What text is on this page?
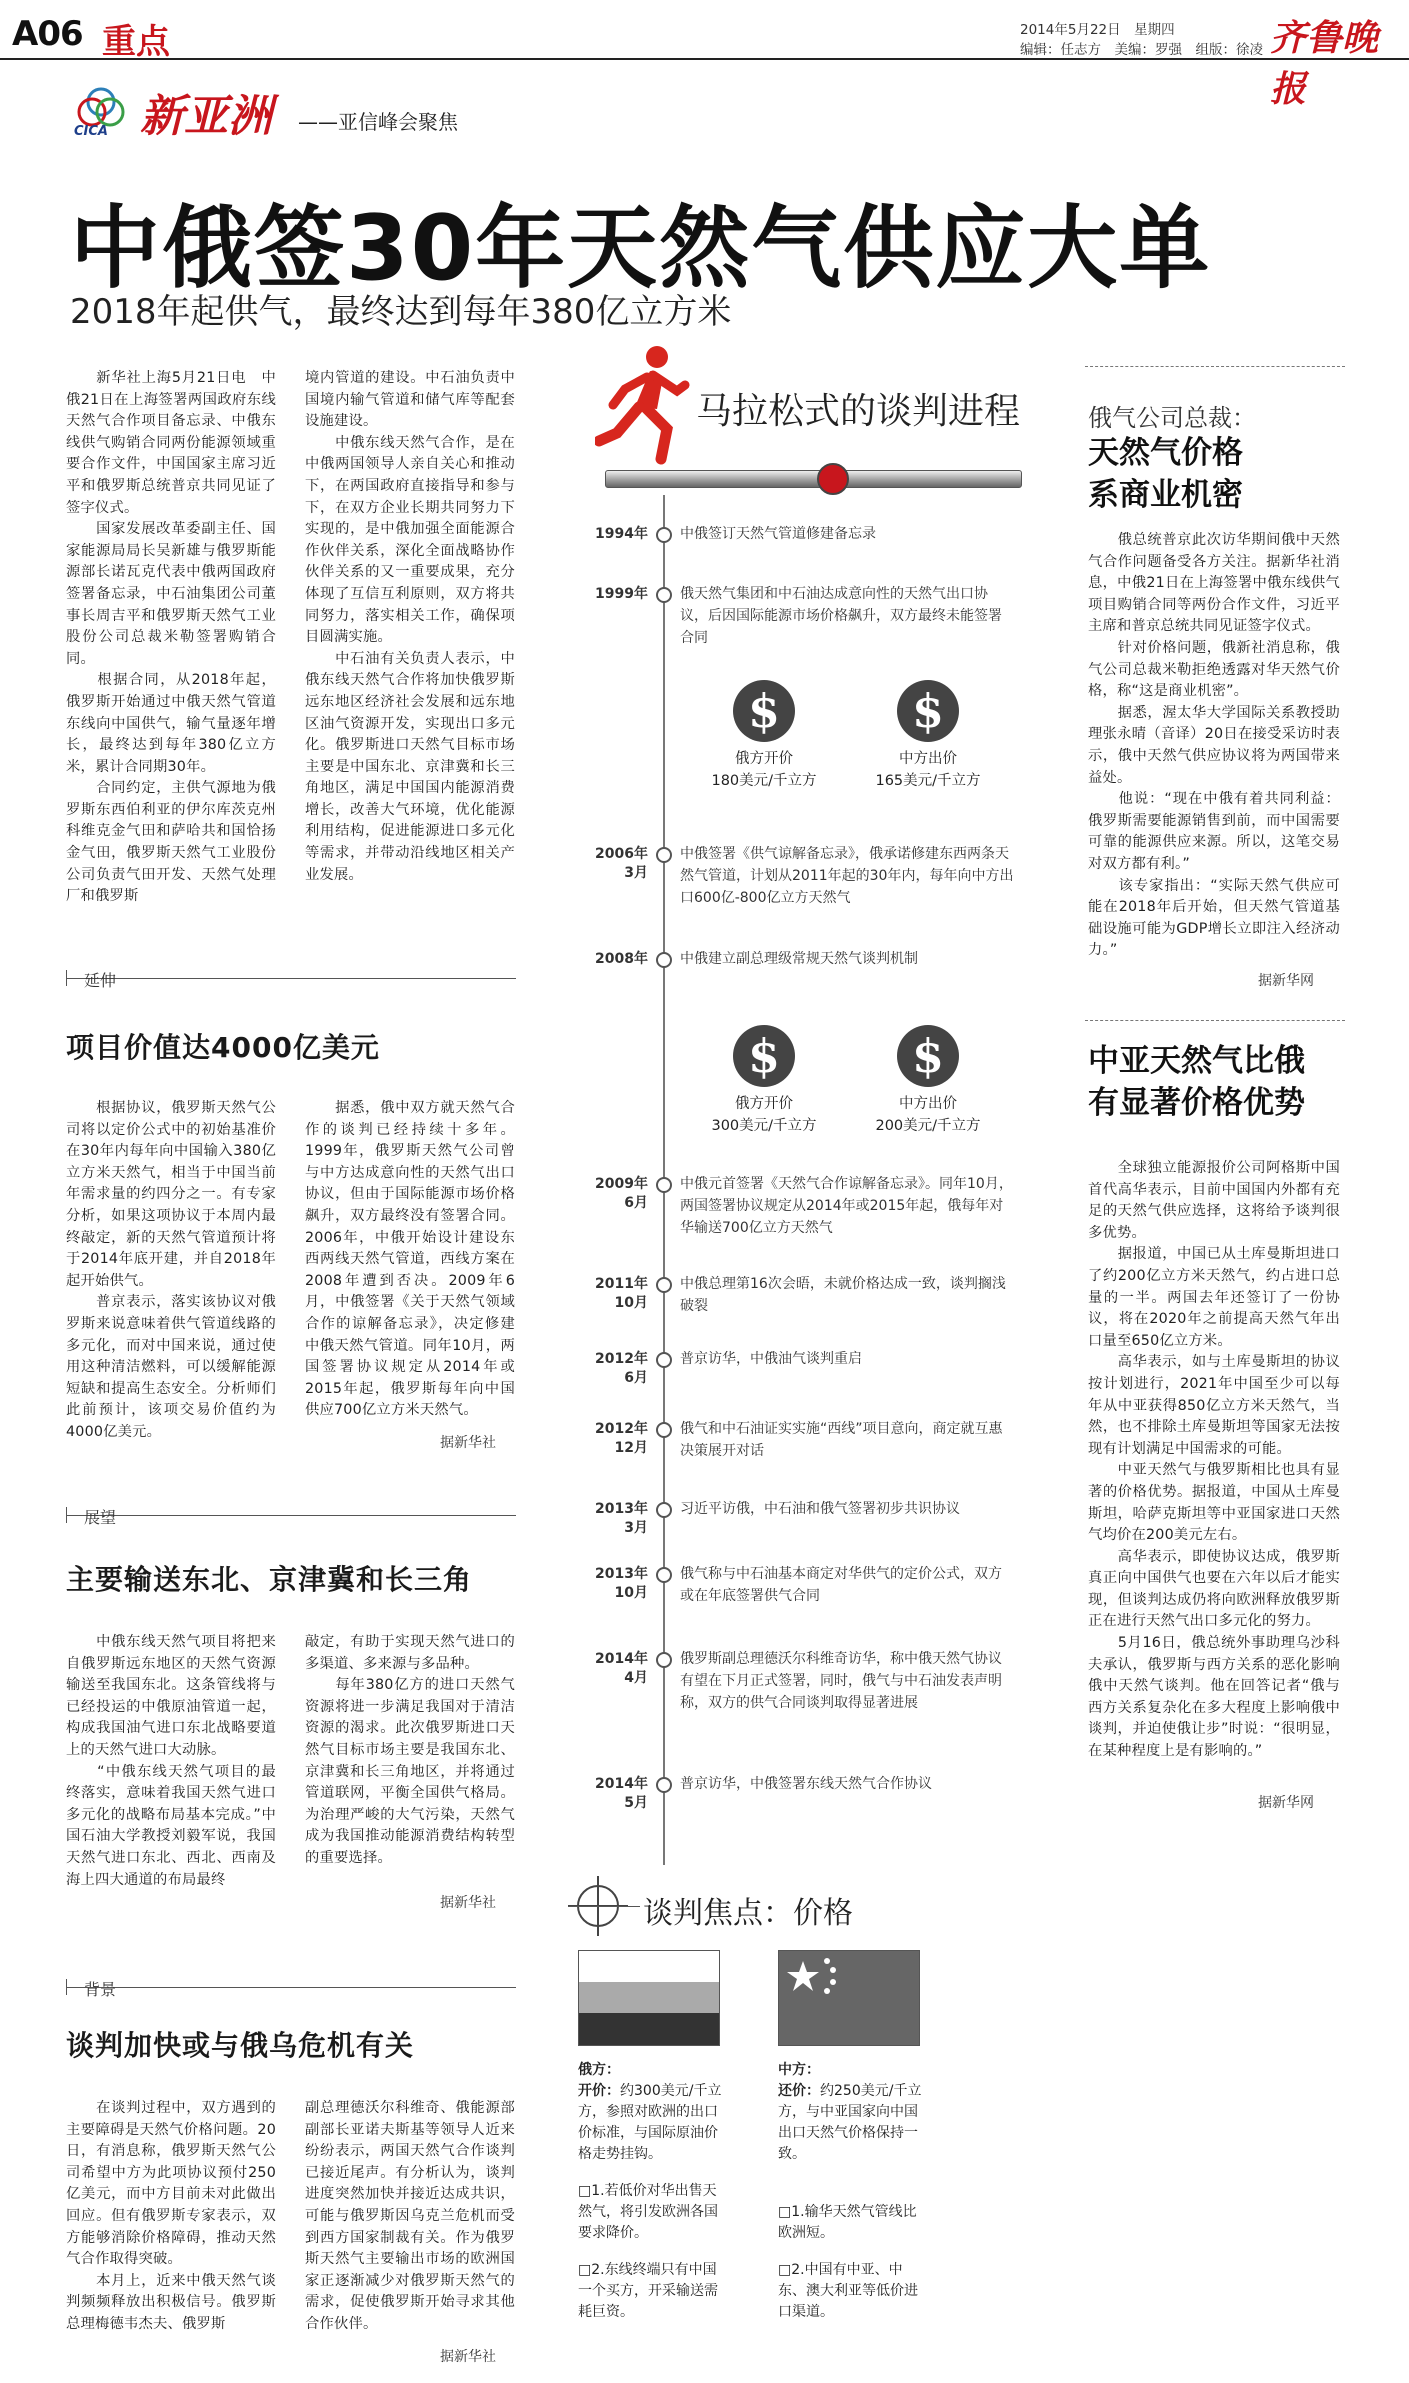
A06 重点	2014年5月22日　 星期四
编辑：任志方　美编：罗强　组版：徐凌 齐鲁晚报
CICA 新亚洲 ——亚信峰会聚焦
中俄签30年天然气供应大单
2018年起供气，最终达到每年380亿立方米

　　新华社上海5月21日电　中俄21日在上海签署两国政府东线天然气合作项目备忘录、中俄东线供气购销合同两份能源领域重要合作文件，中国国家主席习近平和俄罗斯总统普京共同见证了签字仪式。
　　国家发展改革委副主任、国家能源局局长吴新雄与俄罗斯能源部长诺瓦克代表中俄两国政府签署备忘录，中石油集团公司董事长周吉平和俄罗斯天然气工业股份公司总裁米勒签署购销合同。
　　根据合同，从2018年起，俄罗斯开始通过中俄天然气管道东线向中国供气，输气量逐年增长，最终达到每年380亿立方米，累计合同期30年。
　　合同约定，主供气源地为俄罗斯东西伯利亚的伊尔库茨克州科维克金气田和萨哈共和国恰扬金气田，俄罗斯天然气工业股份公司负责气田开发、天然气处理厂和俄罗斯

境内管道的建设。中石油负责中国境内输气管道和储气库等配套设施建设。
　　中俄东线天然气合作，是在中俄两国领导人亲自关心和推动下，在两国政府直接指导和参与下，在双方企业长期共同努力下实现的，是中俄加强全面能源合作伙伴关系，深化全面战略协作伙伴关系的又一重要成果，充分体现了互信互利原则，双方将共同努力，落实相关工作，确保项目圆满实施。
　　中石油有关负责人表示，中俄东线天然气合作将加快俄罗斯远东地区经济社会发展和远东地区油气资源开发，实现出口多元化。俄罗斯进口天然气目标市场主要是中国东北、京津冀和长三角地区，满足中国国内能源消费增长，改善大气环境，优化能源利用结构，促进能源进口多元化等需求，并带动沿线地区相关产业发展。

延伸
项目价值达4000亿美元

　　根据协议，俄罗斯天然气公司将以定价公式中的初始基准价在30年内每年向中国输入380亿立方米天然气，相当于中国当前年需求量的约四分之一。有专家分析，如果这项协议于本周内最终敲定，新的天然气管道预计将于2014年底开建，并自2018年起开始供气。
　　普京表示，落实该协议对俄罗斯来说意味着供气管道线路的多元化，而对中国来说，通过使用这种清洁燃料，可以缓解能源短缺和提高生态安全。分析师们此前预计，该项交易价值约为4000亿美元。

　　据悉，俄中双方就天然气合作的谈判已经持续十多年。1999年，俄罗斯天然气公司曾与中方达成意向性的天然气出口协议，但由于国际能源市场价格飙升，双方最终没有签署合同。2006年，中俄开始设计建设东西两线天然气管道，西线方案在2008年遭到否决。2009年6月，中俄签署《关于天然气领域合作的谅解备忘录》，决定修建中俄天然气管道。同年10月，两国签署协议规定从2014年或2015年起，俄罗斯每年向中国供应700亿立方米天然气。

据新华社
展望
主要输送东北、京津冀和长三角

　　中俄东线天然气项目将把来自俄罗斯远东地区的天然气资源输送至我国东北。这条管线将与已经投运的中俄原油管道一起，构成我国油气进口东北战略要道上的天然气进口大动脉。
　　“中俄东线天然气项目的最终落实，意味着我国天然气进口多元化的战略布局基本完成。”中国石油大学教授刘毅军说，我国天然气进口东北、西北、西南及海上四大通道的布局最终

敲定，有助于实现天然气进口的多渠道、多来源与多品种。
　　每年380亿方的进口天然气资源将进一步满足我国对于清洁资源的渴求。此次俄罗斯进口天然气目标市场主要是我国东北、京津冀和长三角地区，并将通过管道联网，平衡全国供气格局。为治理严峻的大气污染，天然气成为我国推动能源消费结构转型的重要选择。

据新华社
背景
谈判加快或与俄乌危机有关

　　在谈判过程中，双方遇到的主要障碍是天然气价格问题。20日，有消息称，俄罗斯天然气公司希望中方为此项协议预付250亿美元，而中方目前未对此做出回应。但有俄罗斯专家表示，双方能够消除价格障碍，推动天然气合作取得突破。
　　本月上，近来中俄天然气谈判频频释放出积极信号。俄罗斯总理梅德韦杰夫、俄罗斯

副总理德沃尔科维奇、俄能源部副部长亚诺夫斯基等领导人近来纷纷表示，两国天然气合作谈判已接近尾声。有分析认为，谈判进度突然加快并接近达成共识，可能与俄罗斯因乌克兰危机而受到西方国家制裁有关。作为俄罗斯天然气主要输出市场的欧洲国家正逐渐减少对俄罗斯天然气的需求，促使俄罗斯开始寻求其他合作伙伴。

据新华社
马拉松式的谈判进程
1994年 中俄签订天然气管道修建备忘录
1999年 俄天然气集团和中石油达成意向性的天然气出口协议，后因国际能源市场价格飙升，双方最终未能签署合同
2006年
3月
中俄签署《供气谅解备忘录》，俄承诺修建东西两条天然气管道，计划从2011年起的30年内，每年向中方出口600亿-800亿立方天然气
2008年 中俄建立副总理级常规天然气谈判机制
2009年
6月
中俄元首签署《天然气合作谅解备忘录》。同年10月，两国签署协议规定从2014年或2015年起，俄每年对华输送700亿立方天然气
2011年
10月
中俄总理第16次会晤，未就价格达成一致，谈判搁浅破裂
2012年
6月
普京访华，中俄油气谈判重启
2012年
12月
俄气和中石油证实实施“西线”项目意向，商定就互惠决策展开对话
2013年
3月
习近平访俄，中石油和俄气签署初步共识协议
2013年
10月
俄气称与中石油基本商定对华供气的定价公式，双方或在年底签署供气合同
2014年
4月
俄罗斯副总理德沃尔科维奇访华，称中俄天然气协议有望在下月正式签署，同时，俄气与中石油发表声明称，双方的供气合同谈判取得显著进展
2014年
5月
普京访华，中俄签署东线天然气合作协议
$
俄方开价
180美元/千立方
$
中方出价
165美元/千立方
$
俄方开价
300美元/千立方
$
中方出价
200美元/千立方
谈判焦点：价格
俄方：
开价：约300美元/千立方，参照对欧洲的出口价标准，与国际原油价格走势挂钩。
□1.若低价对华出售天然气，将引发欧洲各国要求降价。
□2.东线终端只有中国一个买方，开采输送需耗巨资。
中方：
还价：约250美元/千立方，与中亚国家向中国出口天然气价格保持一致。
□1.输华天然气管线比欧洲短。
□2.中国有中亚、中东、澳大利亚等低价进口渠道。
俄气公司总裁：
天然气价格
系商业机密

　　俄总统普京此次访华期间俄中天然气合作问题备受各方关注。据新华社消息，中俄21日在上海签署中俄东线供气项目购销合同等两份合作文件，习近平主席和普京总统共同见证签字仪式。
　　针对价格问题，俄新社消息称，俄气公司总裁米勒拒绝透露对华天然气价格，称“这是商业机密”。
　　据悉，渥太华大学国际关系教授助理张永晴（音译）20日在接受采访时表示，俄中天然气供应协议将为两国带来益处。
　　他说：“现在中俄有着共同利益：俄罗斯需要能源销售到前，而中国需要可靠的能源供应来源。所以，这笔交易对双方都有利。”
　　该专家指出：“实际天然气供应可能在2018年后开始，但天然气管道基础设施可能为GDP增长立即注入经济动力。”

据新华网
中亚天然气比俄
有显著价格优势

　　全球独立能源报价公司阿格斯中国首代高华表示，目前中国国内外都有充足的天然气供应选择，这将给予谈判很多优势。
　　据报道，中国已从土库曼斯坦进口了约200亿立方米天然气，约占进口总量的一半。两国去年还签订了一份协议，将在2020年之前提高天然气年出口量至650亿立方米。
　　高华表示，如与土库曼斯坦的协议按计划进行，2021年中国至少可以每年从中亚获得850亿立方米天然气，当然，也不排除土库曼斯坦等国家无法按现有计划满足中国需求的可能。
　　中亚天然气与俄罗斯相比也具有显著的价格优势。据报道，中国从土库曼斯坦，哈萨克斯坦等中亚国家进口天然气均价在200美元左右。
　　高华表示，即使协议达成，俄罗斯真正向中国供气也要在六年以后才能实现，但谈判达成仍将向欧洲释放俄罗斯正在进行天然气出口多元化的努力。
　　5月16日，俄总统外事助理乌沙科夫承认，俄罗斯与西方关系的恶化影响俄中天然气谈判。他在回答记者“俄与西方关系复杂化在多大程度上影响俄中谈判，并迫使俄让步”时说：“很明显，在某种程度上是有影响的。”

据新华网
